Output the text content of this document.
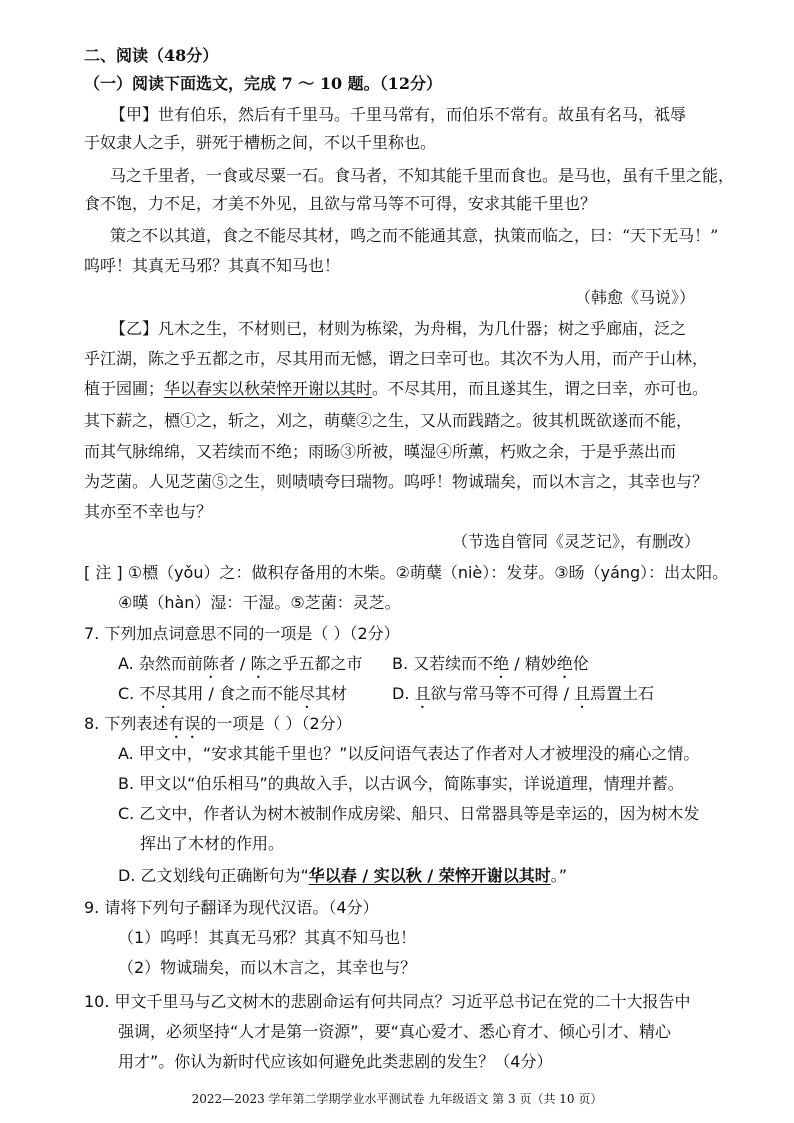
二、阅读（48分）
（一）阅读下面选文，完成 7 ～ 10 题。（12分）
【甲】世有伯乐，然后有千里马。千里马常有，而伯乐不常有。故虽有名马，祗辱
于奴隶人之手，骈死于槽枥之间，不以千里称也。
马之千里者，一食或尽粟一石。食马者，不知其能千里而食也。是马也，虽有千里之能，
食不饱，力不足，才美不外见，且欲与常马等不可得，安求其能千里也？
策之不以其道，食之不能尽其材，鸣之而不能通其意，执策而临之，曰：“天下无马！”
呜呼！其真无马邪？其真不知马也！
（韩愈《马说》）
【乙】凡木之生，不材则已，材则为栋梁，为舟楫，为几什器；树之乎廊庙，泛之
乎江湖，陈之乎五都之市，尽其用而无憾，谓之曰幸可也。其次不为人用，而产于山林，
植于园圃；华以春实以秋荣悴开谢以其时。不尽其用，而且遂其生，谓之曰幸，亦可也。
其下薪之，槱①之，斩之，刈之，萌蘖②之生，又从而践踏之。彼其机既欲遂而不能，
而其气脉绵绵，又若续而不绝；雨旸③所被，暵湿④所薰，朽败之余，于是乎蒸出而
为芝菌。人见芝菌⑤之生，则啧啧夸曰瑞物。呜呼！物诚瑞矣，而以木言之，其幸也与？
其亦至不幸也与？
（节选自管同《灵芝记》，有删改）
[ 注 ] ①槱（yǒu）之：做积存备用的木柴。②萌蘖（niè）：发芽。③旸（yáng）：出太阳。
④暵（hàn）湿：干湿。⑤芝菌：灵芝。
7. 下列加点词意思不同的一项是（ ）（2分）
A. 杂然而前陈者 / 陈之乎五都之市 B. 又若续而不绝 / 精妙绝伦
C. 不尽其用 / 食之而不能尽其材	D. 且欲与常马等不可得 / 且焉置土石
8. 下列表述有误的一项是（ ）（2分）
A. 甲文中，“安求其能千里也？”以反问语气表达了作者对人才被埋没的痛心之情。
B. 甲文以“伯乐相马”的典故入手，以古讽今，简陈事实，详说道理，情理并蓄。
C. 乙文中，作者认为树木被制作成房梁、船只、日常器具等是幸运的，因为树木发
挥出了木材的作用。
D. 乙文划线句正确断句为“华以春 / 实以秋 / 荣悴开谢以其时。”
9. 请将下列句子翻译为现代汉语。（4分）
（1）呜呼！其真无马邪？其真不知马也！
（2）物诚瑞矣，而以木言之，其幸也与？
10. 甲文千里马与乙文树木的悲剧命运有何共同点？习近平总书记在党的二十大报告中
强调，必须坚持“人才是第一资源”，要“真心爱才、悉心育才、倾心引才、精心
用才”。你认为新时代应该如何避免此类悲剧的发生？（4分）
2022—2023 学年第二学期学业水平测试卷 九年级语文 第 3 页（共 10 页）
